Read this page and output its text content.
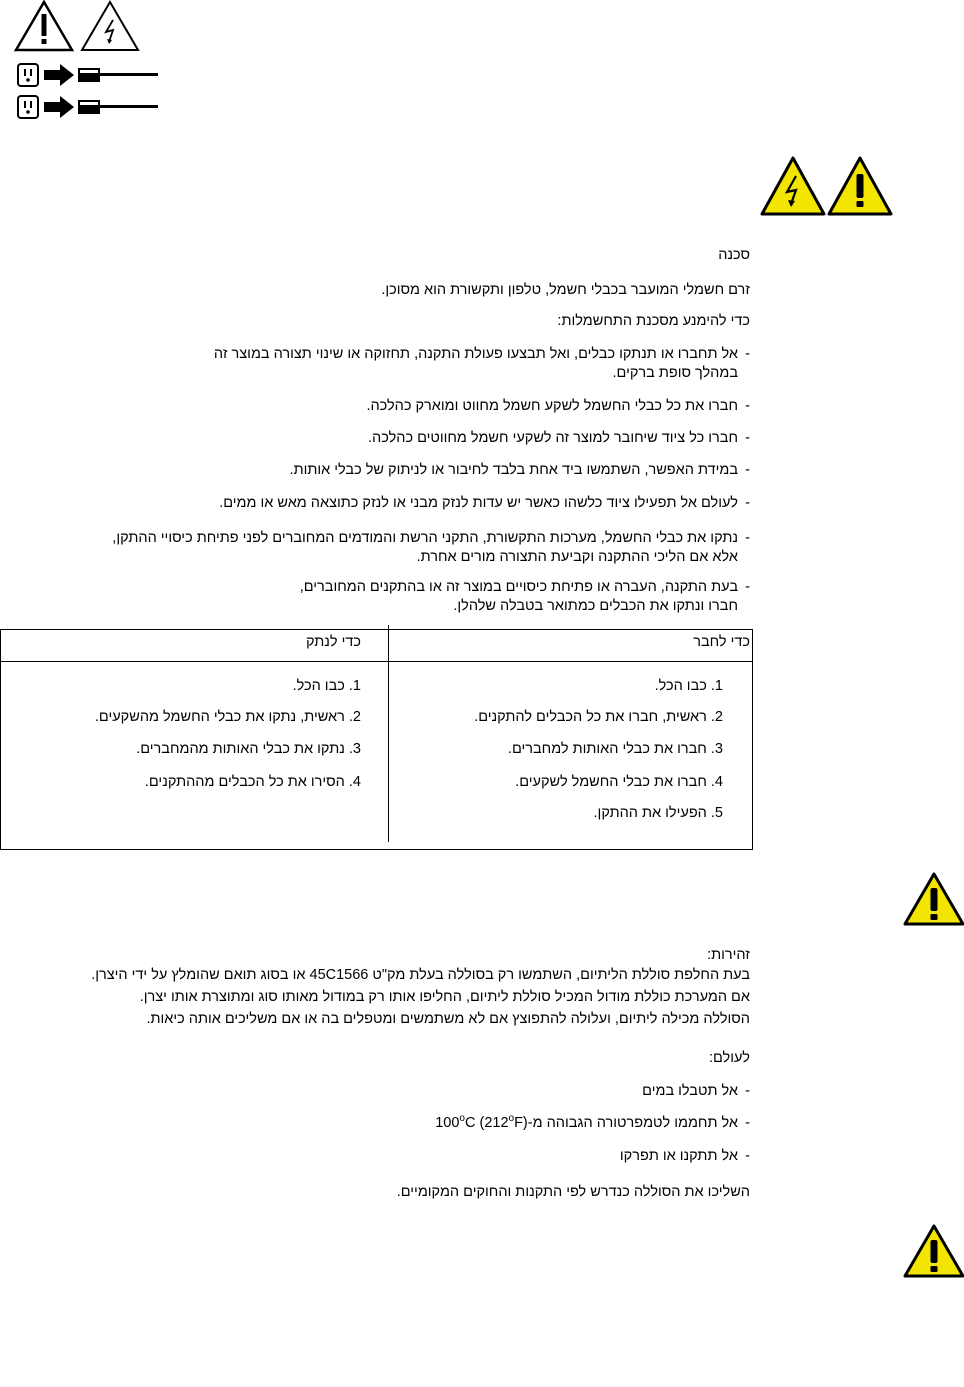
סכנה
זרם חשמלי המועבר בכבלי חשמל, טלפון ותקשורת הוא מסוכן.
כדי להימנע מסכנת התחשמלות:
-אל תחברו או תנתקו כבלים, ואל תבצעו פעולת התקנה, תחזוקה או שינוי תצורה במוצר זה
במהלך סופת ברקים.
-חברו את כל כבלי החשמל לשקע חשמל מחווט ומוארק כהלכה.
-חברו כל ציוד שיחובר למוצר זה לשקעי חשמל מחווטים כהלכה.
-במידת האפשר, השתמשו ביד אחת בלבד לחיבור או לניתוק של כבלי אותות.
-לעולם אל תפעילו ציוד כלשהו כאשר יש עדות לנזק מבני או לנזק כתוצאה מאש או ממים.
-נתקו את כבלי החשמל, מערכות התקשורת, התקני הרשת והמודמים המחוברים לפני פתיחת כיסויי ההתקן,
אלא אם הליכי ההתקנה וקביעת התצורה מורים אחרת.
-בעת התקנה, העברה או פתיחת כיסויים במוצר זה או בהתקנים המחוברים,
חברו ונתקו את הכבלים כמתואר בטבלה שלהלן.
כדי לחבר
כדי לנתק
1. כבו הכל.
2. ראשית, חברו את כל הכבלים להתקנים.
3. חברו את כבלי האותות למחברים.
4. חברו את כבלי החשמל לשקעים.
5. הפעילו את ההתקן.
1. כבו הכל.
2. ראשית, נתקו את כבלי החשמל מהשקעים.
3. נתקו את כבלי האותות מהמחברים.
4. הסירו את כל הכבלים מההתקנים.
זהירות:
בעת החלפת סוללת הליתיום, השתמשו רק בסוללה בעלת מק"ט 45C1566 או בסוג תואם שהומלץ על ידי היצרן.
אם המערכת כוללת מודול המכיל סוללת ליתיום, החליפו אותו רק במודול מאותו סוג ומתוצרת אותו יצרן.
הסוללה מכילה ליתיום, ועלולה להתפוצץ אם לא משתמשים ומטפלים בה או אם משליכים אותה כיאות.
לעולם:
-אל תטבלו במים
-אל תחממו לטמפרטורה הגבוהה מ-100$^o$C (212$^o$F)
-אל תתקנו או תפרקו
השליכו את הסוללה כנדרש לפי התקנות והחוקים המקומיים.
